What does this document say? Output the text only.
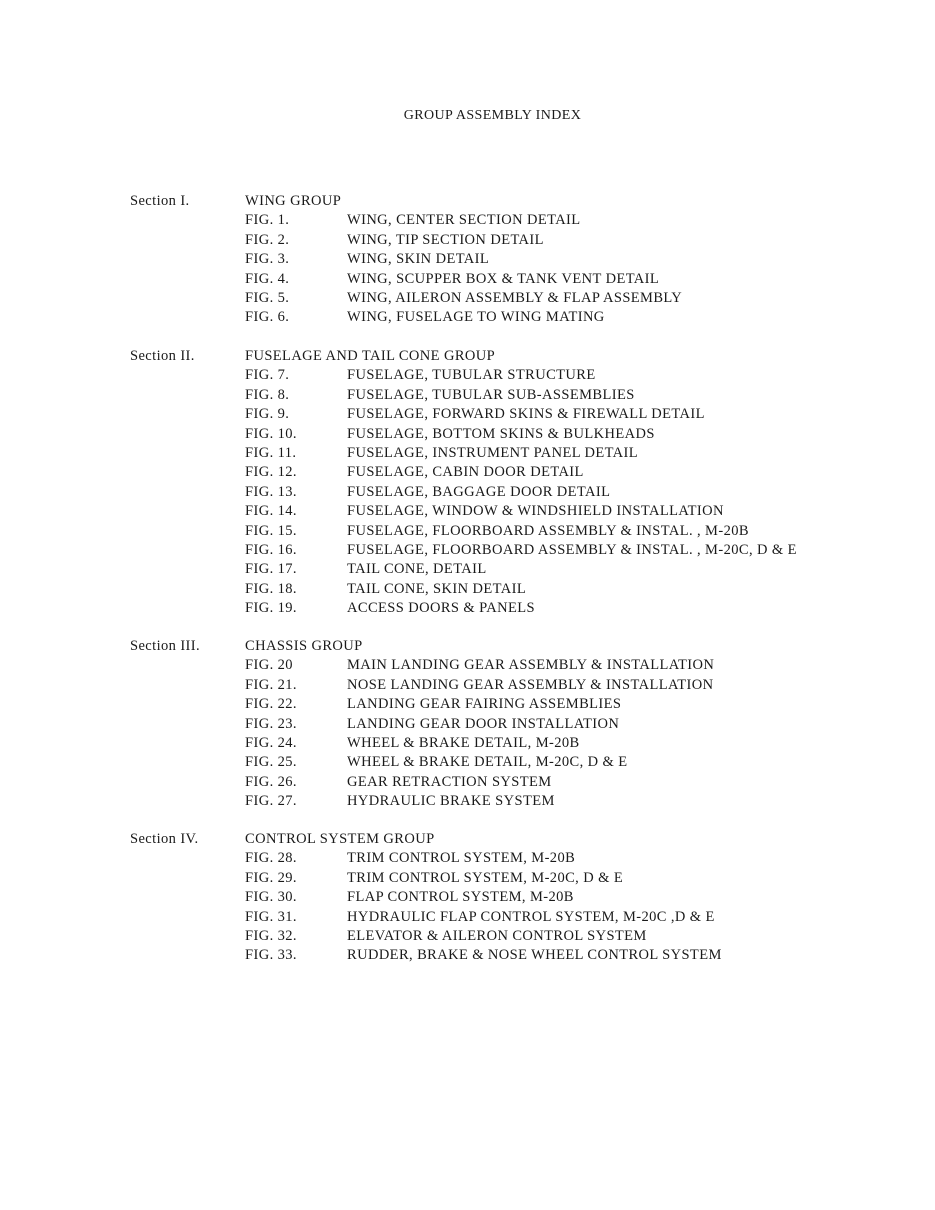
GROUP ASSEMBLY INDEX
Section I.	WING GROUP
FIG. 1.	WING, CENTER SECTION DETAIL
FIG. 2.	WING, TIP SECTION DETAIL
FIG. 3.	WING, SKIN DETAIL
FIG. 4.	WING, SCUPPER BOX & TANK VENT DETAIL
FIG. 5.	WING, AILERON ASSEMBLY & FLAP ASSEMBLY
FIG. 6.	WING, FUSELAGE TO WING MATING
Section II.	FUSELAGE AND TAIL CONE GROUP
FIG. 7.	FUSELAGE, TUBULAR STRUCTURE
FIG. 8.	FUSELAGE, TUBULAR SUB-ASSEMBLIES
FIG. 9.	FUSELAGE, FORWARD SKINS & FIREWALL DETAIL
FIG. 10.	FUSELAGE, BOTTOM SKINS & BULKHEADS
FIG. 11.	FUSELAGE, INSTRUMENT PANEL DETAIL
FIG. 12.	FUSELAGE, CABIN DOOR DETAIL
FIG. 13.	FUSELAGE, BAGGAGE DOOR DETAIL
FIG. 14.	FUSELAGE, WINDOW & WINDSHIELD INSTALLATION
FIG. 15.	FUSELAGE, FLOORBOARD ASSEMBLY & INSTAL. , M-20B
FIG. 16.	FUSELAGE, FLOORBOARD ASSEMBLY & INSTAL. , M-20C, D & E
FIG. 17.	TAIL CONE, DETAIL
FIG. 18.	TAIL CONE, SKIN DETAIL
FIG. 19.	ACCESS DOORS & PANELS
Section III.	CHASSIS GROUP
FIG. 20	MAIN LANDING GEAR ASSEMBLY & INSTALLATION
FIG. 21.	NOSE LANDING GEAR ASSEMBLY & INSTALLATION
FIG. 22.	LANDING GEAR FAIRING ASSEMBLIES
FIG. 23.	LANDING GEAR DOOR INSTALLATION
FIG. 24.	WHEEL & BRAKE DETAIL, M-20B
FIG. 25.	WHEEL & BRAKE DETAIL, M-20C, D & E
FIG. 26.	GEAR RETRACTION SYSTEM
FIG. 27.	HYDRAULIC BRAKE SYSTEM
Section IV.	CONTROL SYSTEM GROUP
FIG. 28.	TRIM CONTROL SYSTEM, M-20B
FIG. 29.	TRIM CONTROL SYSTEM, M-20C, D & E
FIG. 30.	FLAP CONTROL SYSTEM, M-20B
FIG. 31.	HYDRAULIC FLAP CONTROL SYSTEM, M-20C ,D & E
FIG. 32.	ELEVATOR & AILERON CONTROL SYSTEM
FIG. 33.	RUDDER, BRAKE & NOSE WHEEL CONTROL SYSTEM
